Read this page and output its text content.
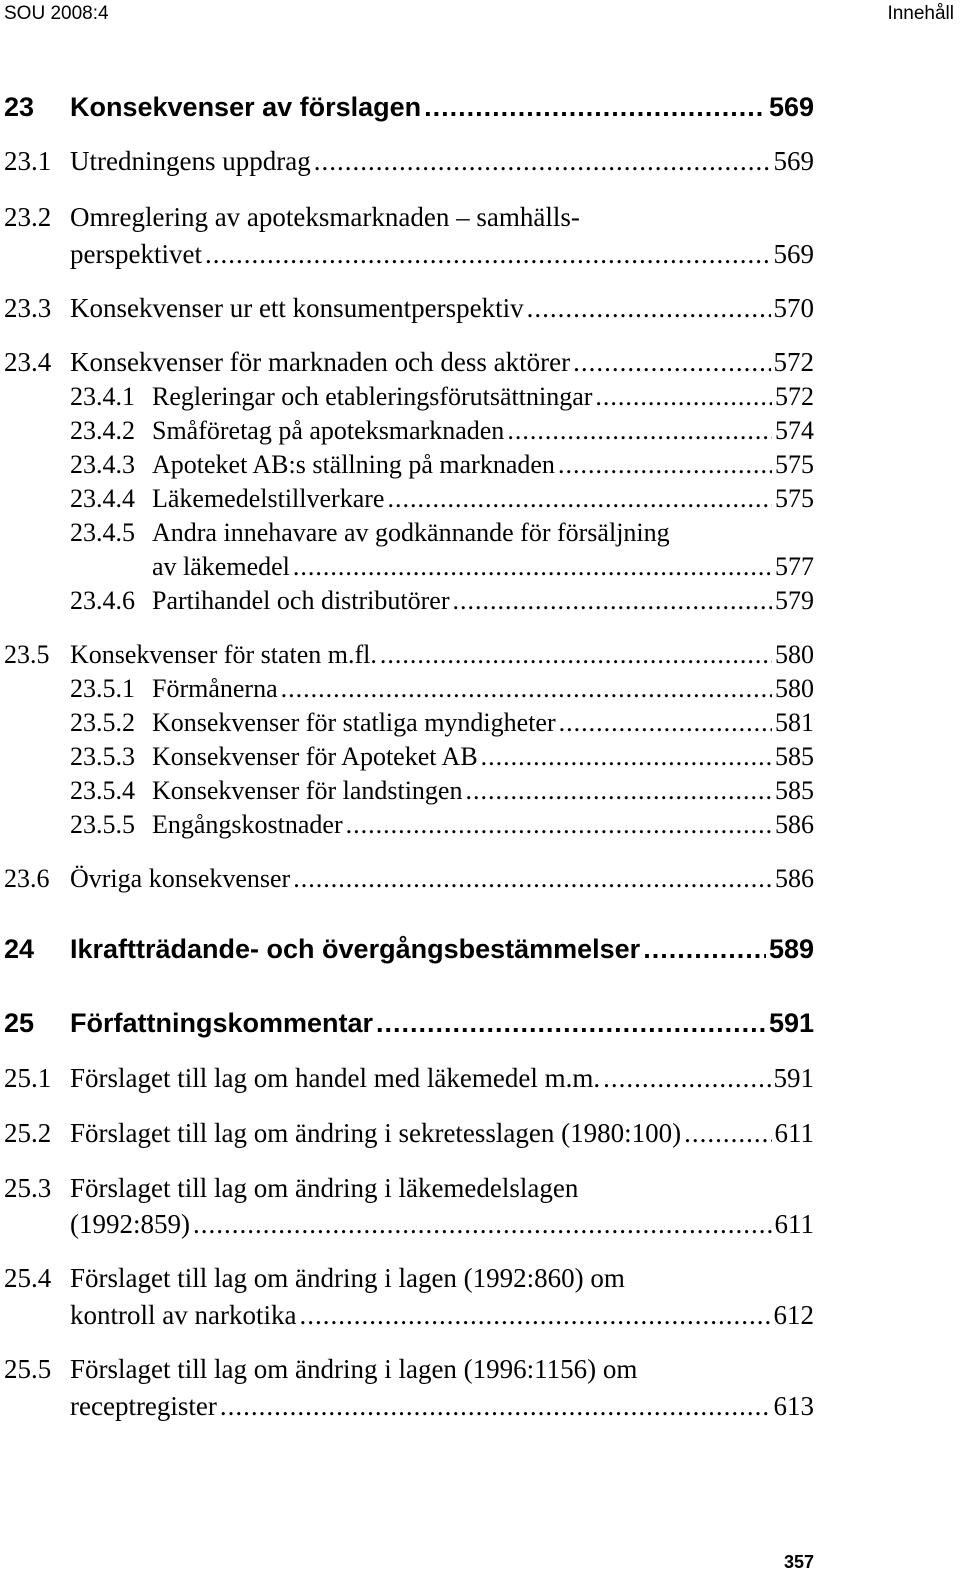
SOU 2008:4	Innehåll
23 Konsekvenser av förslagen .....	569
23.1 Utredningens uppdrag .....	569
23.2 Omreglering av apoteksmarknaden – samhälls-
perspektivet .....	569
23.3 Konsekvenser ur ett konsumentperspektiv .....	570
23.4 Konsekvenser för marknaden och dess aktörer .....	572
23.4.1 Regleringar och etableringsförutsättningar .....	572
23.4.2 Småföretag på apoteksmarknaden .....	574
23.4.3 Apoteket AB:s ställning på marknaden .....	575
23.4.4 Läkemedelstillverkare .....	575
23.4.5 Andra innehavare av godkännande för försäljning
av läkemedel .....	577
23.4.6 Partihandel och distributörer .....	579
23.5 Konsekvenser för staten m.fl. .....	580
23.5.1 Förmånerna .....	580
23.5.2 Konsekvenser för statliga myndigheter .....	581
23.5.3 Konsekvenser för Apoteket AB .....	585
23.5.4 Konsekvenser för landstingen .....	585
23.5.5 Engångskostnader .....	586
23.6 Övriga konsekvenser .....	586
24 Ikraftträdande- och övergångsbestämmelser .....	589
25 Författningskommentar .....	591
25.1 Förslaget till lag om handel med läkemedel m.m. .....	591
25.2 Förslaget till lag om ändring i sekretesslagen (1980:100) .....	611
25.3 Förslaget till lag om ändring i läkemedelslagen
(1992:859) .....	611
25.4 Förslaget till lag om ändring i lagen (1992:860) om
kontroll av narkotika .....	612
25.5 Förslaget till lag om ändring i lagen (1996:1156) om
receptregister .....	613
357
